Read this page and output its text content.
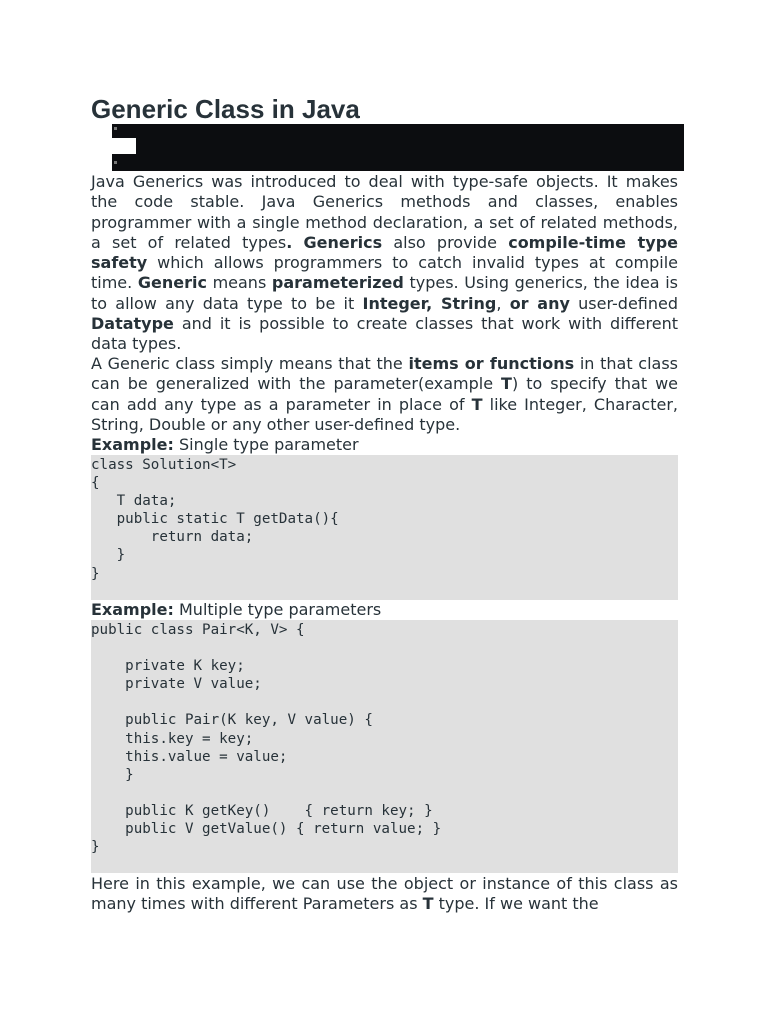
Generic Class in Java
Java Generics was introduced to deal with type-safe objects. It makes the code stable. Java Generics methods and classes, enables programmer with a single method declaration, a set of related methods, a set of related types. Generics also provide compile-time type safety which allows programmers to catch invalid types at compile time. Generic means parameterized types. Using generics, the idea is to allow any data type to be it Integer, String, or any user-defined Datatype and it is possible to create classes that work with different data types.
A Generic class simply means that the items or functions in that class can be generalized with the parameter(example T) to specify that we can add any type as a parameter in place of T like Integer, Character, String, Double or any other user-defined type.
Example: Single type parameter
class Solution<T>
{
T data;
public static T getData(){
return data;
}
}
Example: Multiple type parameters
public class Pair<K, V> {
private K key;
private V value;
public Pair(K key, V value) {
this.key = key;
this.value = value;
}
public K getKey()    { return key; }
public V getValue() { return value; }
}
Here in this example, we can use the object or instance of this class as many times with different Parameters as T type. If we want the
